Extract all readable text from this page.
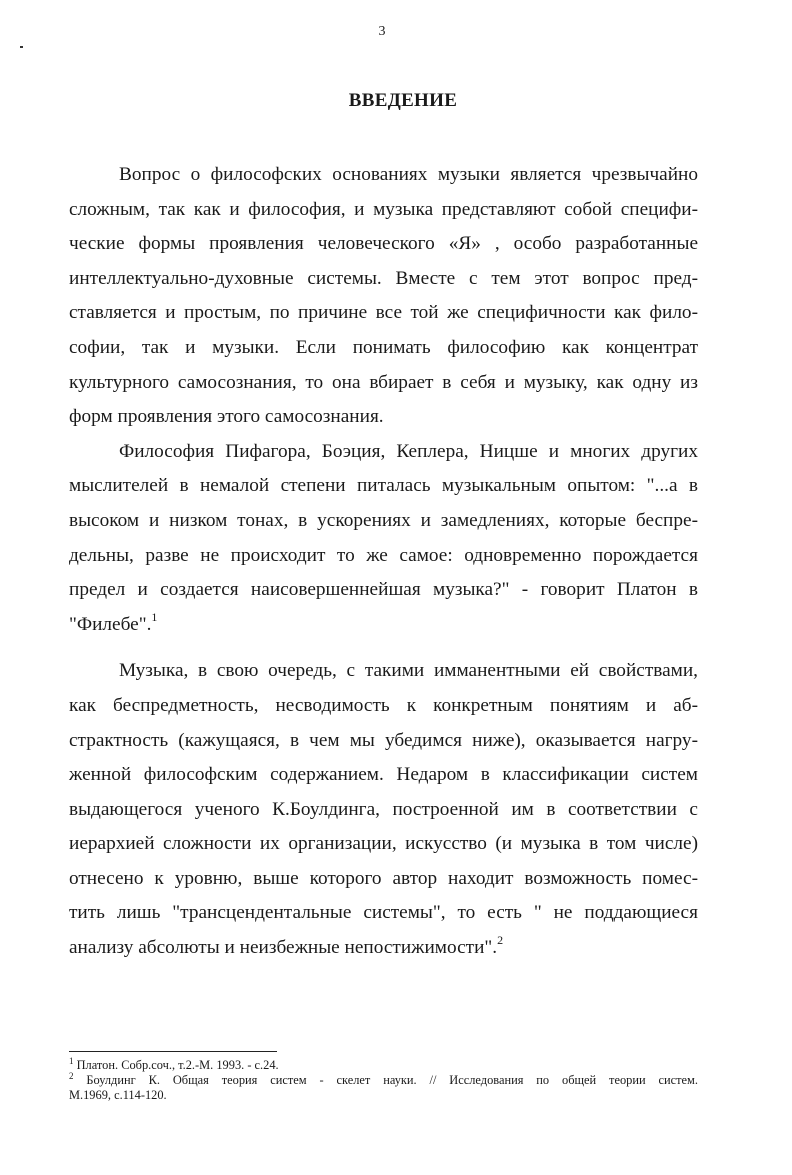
3
ВВЕДЕНИЕ
Вопрос о философских основаниях музыки является чрезвычайно
сложным, так как и философия, и музыка представляют собой специфи-
ческие формы проявления человеческого «Я» , особо разработанные
интеллектуально-духовные системы. Вместе с тем этот вопрос пред-
ставляется и простым, по причине все той же специфичности как фило-
софии, так и музыки. Если понимать философию как концентрат
культурного самосознания, то она вбирает в себя и музыку, как одну из
форм проявления этого самосознания.
Философия Пифагора, Боэция, Кеплера, Ницше и многих других
мыслителей в немалой степени питалась музыкальным опытом: "...а в
высоком и низком тонах, в ускорениях и замедлениях, которые беспре-
дельны, разве не происходит то же самое: одновременно порождается
предел и создается наисовершеннейшая музыка?" - говорит Платон в
"Филебе".$^1$
Музыка, в свою очередь, с такими имманентными ей свойствами,
как беспредметность, несводимость к конкретным понятиям и аб-
страктность (кажущаяся, в чем мы убедимся ниже), оказывается нагру-
женной философским содержанием. Недаром в классификации систем
выдающегося ученого К.Боулдинга, построенной им в соответствии с
иерархией сложности их организации, искусство (и музыка в том числе)
отнесено к уровню, выше которого автор находит возможность помес-
тить лишь "трансцендентальные системы", то есть " не поддающиеся
анализу абсолюты и неизбежные непостижимости".$^2$
$^1$ Платон. Собр.соч., т.2.-М. 1993. - с.24.
$^2$ Боулдинг К. Общая теория систем - скелет науки. // Исследования по общей теории систем.
М.1969, с.114-120.
